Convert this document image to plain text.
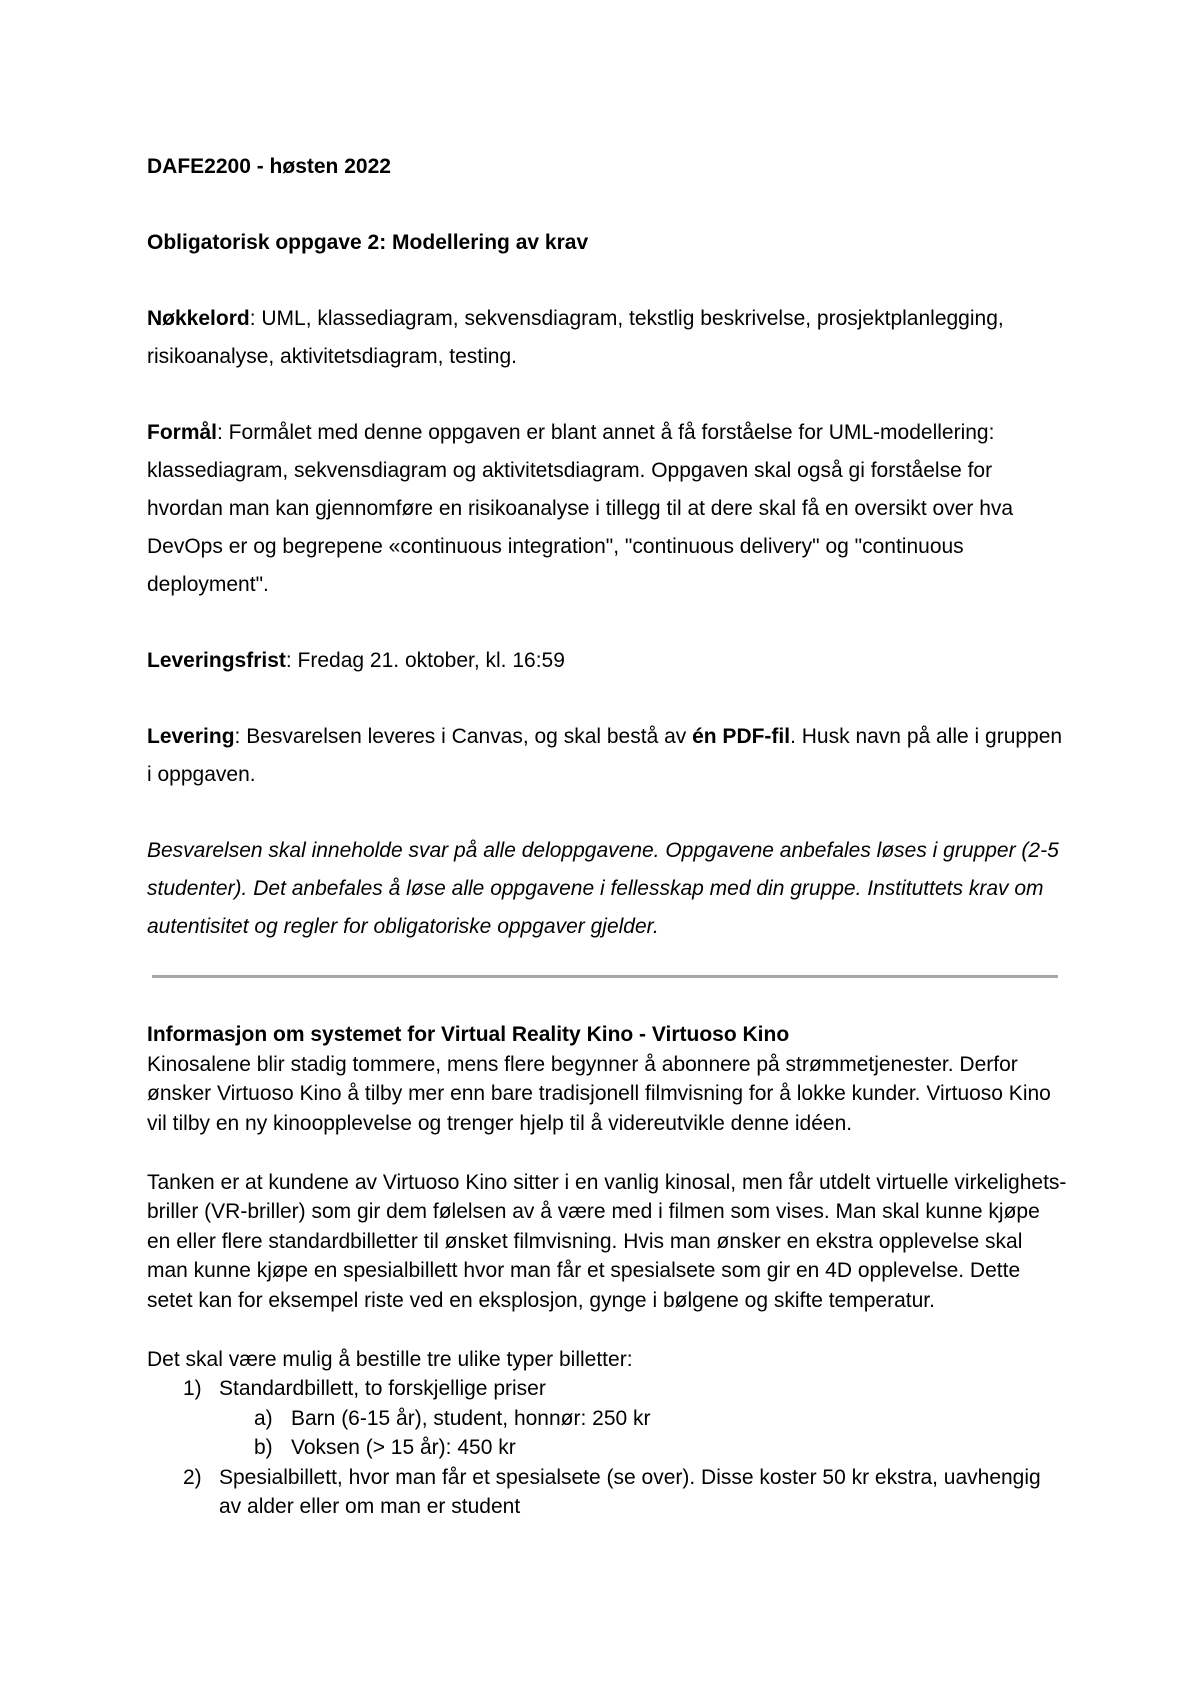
DAFE2200 - høsten 2022

Obligatorisk oppgave 2: Modellering av krav

Nøkkelord: UML, klassediagram, sekvensdiagram, tekstlig beskrivelse, prosjektplanlegging, risikoanalyse, aktivitetsdiagram, testing.

Formål: Formålet med denne oppgaven er blant annet å få forståelse for UML-modellering: klassediagram, sekvensdiagram og aktivitetsdiagram. Oppgaven skal også gi forståelse for hvordan man kan gjennomføre en risikoanalyse i tillegg til at dere skal få en oversikt over hva DevOps er og begrepene «continuous integration", "continuous delivery" og "continuous deployment".

Leveringsfrist: Fredag 21. oktober, kl. 16:59

Levering: Besvarelsen leveres i Canvas, og skal bestå av én PDF-fil. Husk navn på alle i gruppen i oppgaven.

Besvarelsen skal inneholde svar på alle deloppgavene. Oppgavene anbefales løses i grupper (2-5 studenter). Det anbefales å løse alle oppgavene i fellesskap med din gruppe. Instituttets krav om autentisitet og regler for obligatoriske oppgaver gjelder.

Informasjon om systemet for Virtual Reality Kino - Virtuoso Kino

Kinosalene blir stadig tommere, mens flere begynner å abonnere på strømmetjenester. Derfor ønsker Virtuoso Kino å tilby mer enn bare tradisjonell filmvisning for å lokke kunder. Virtuoso Kino vil tilby en ny kinoopplevelse og trenger hjelp til å videreutvikle denne idéen.

Tanken er at kundene av Virtuoso Kino sitter i en vanlig kinosal, men får utdelt virtuelle virkelighets-briller (VR-briller) som gir dem følelsen av å være med i filmen som vises. Man skal kunne kjøpe en eller flere standardbilletter til ønsket filmvisning. Hvis man ønsker en ekstra opplevelse skal man kunne kjøpe en spesialbillett hvor man får et spesialsete som gir en 4D opplevelse. Dette setet kan for eksempel riste ved en eksplosjon, gynge i bølgene og skifte temperatur.

Det skal være mulig å bestille tre ulike typer billetter:

1) Standardbillett, to forskjellige priser
a) Barn (6-15 år), student, honnør: 250 kr
b) Voksen (> 15 år): 450 kr
2) Spesialbillett, hvor man får et spesialsete (se over). Disse koster 50 kr ekstra, uavhengig av alder eller om man er student
